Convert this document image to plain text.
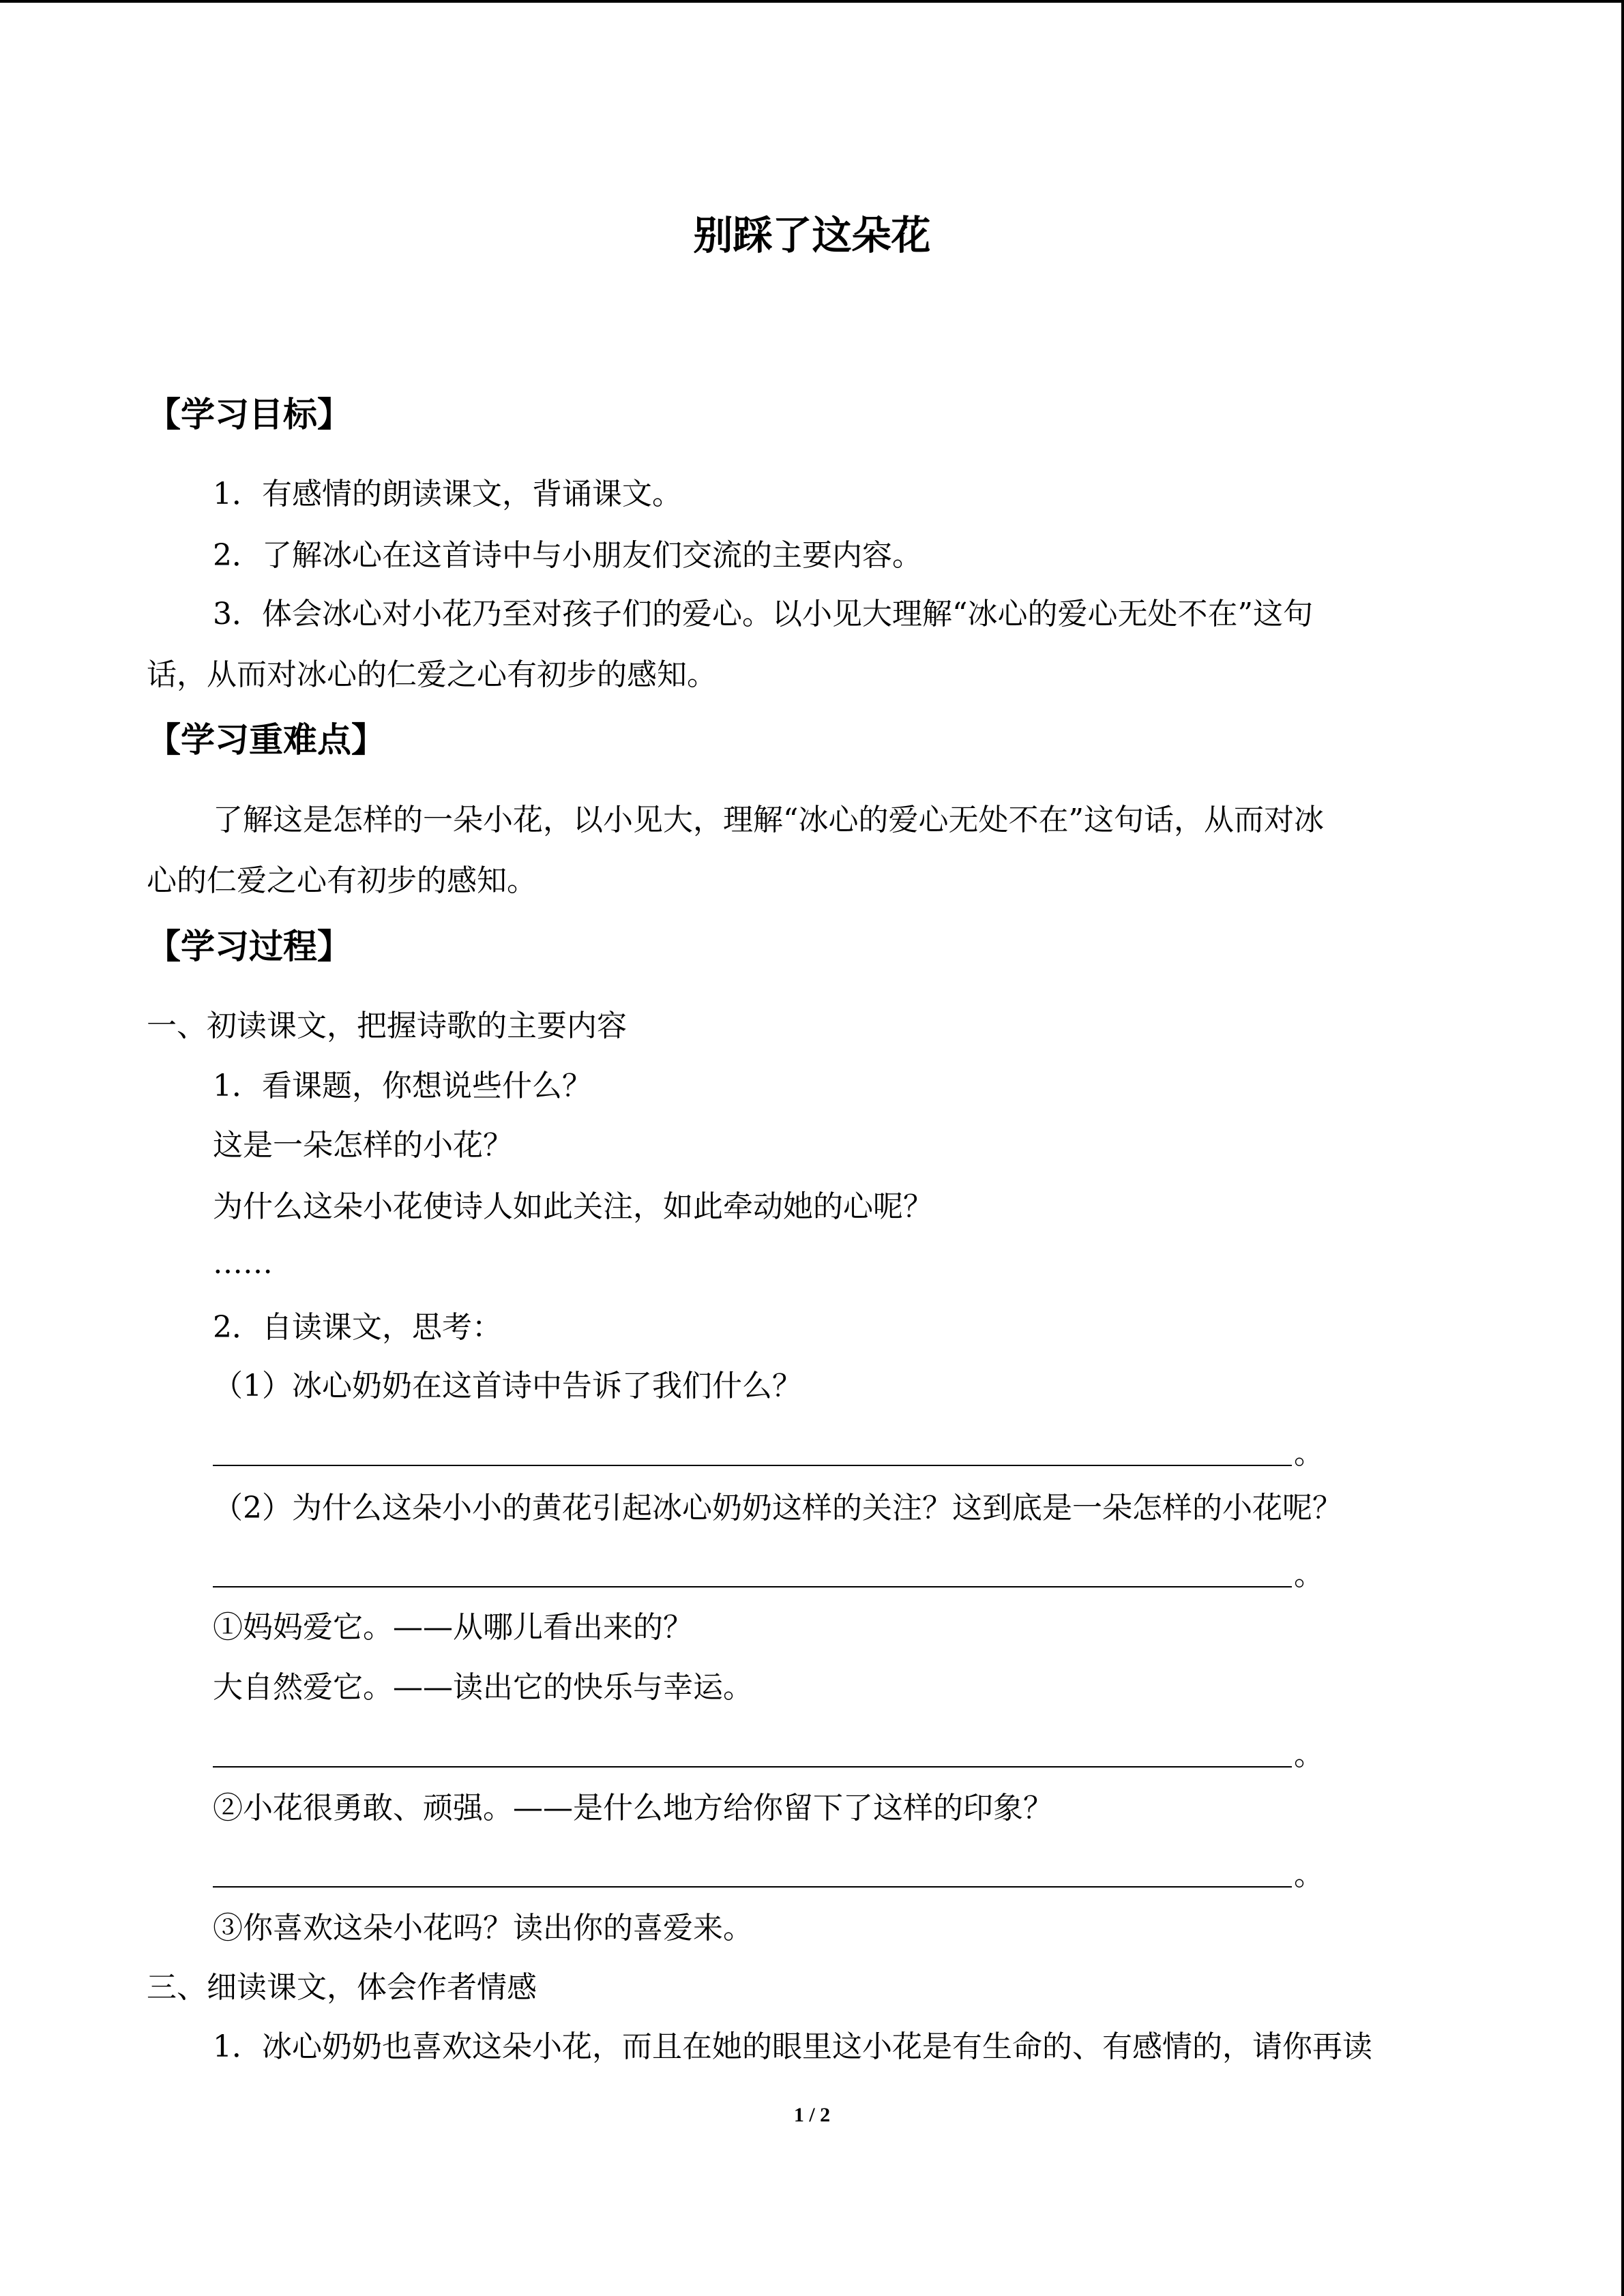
别踩了这朵花
【学习目标】
1．有感情的朗读课文，背诵课文。
2．了解冰心在这首诗中与小朋友们交流的主要内容。
3．体会冰心对小花乃至对孩子们的爱心。以小见大理解“冰心的爱心无处不在”这句
话，从而对冰心的仁爱之心有初步的感知。
【学习重难点】
了解这是怎样的一朵小花，以小见大，理解“冰心的爱心无处不在”这句话，从而对冰
心的仁爱之心有初步的感知。
【学习过程】
一、初读课文，把握诗歌的主要内容
1．看课题，你想说些什么？
这是一朵怎样的小花？
为什么这朵小花使诗人如此关注，如此牵动她的心呢？
……
2．自读课文，思考：
（1）冰心奶奶在这首诗中告诉了我们什么？
。
（2）为什么这朵小小的黄花引起冰心奶奶这样的关注？这到底是一朵怎样的小花呢？
。
①妈妈爱它。——从哪儿看出来的？
大自然爱它。——读出它的快乐与幸运。
。
②小花很勇敢、顽强。——是什么地方给你留下了这样的印象？
。
③你喜欢这朵小花吗？读出你的喜爱来。
三、细读课文，体会作者情感
1．冰心奶奶也喜欢这朵小花，而且在她的眼里这小花是有生命的、有感情的，请你再读
1 / 2
